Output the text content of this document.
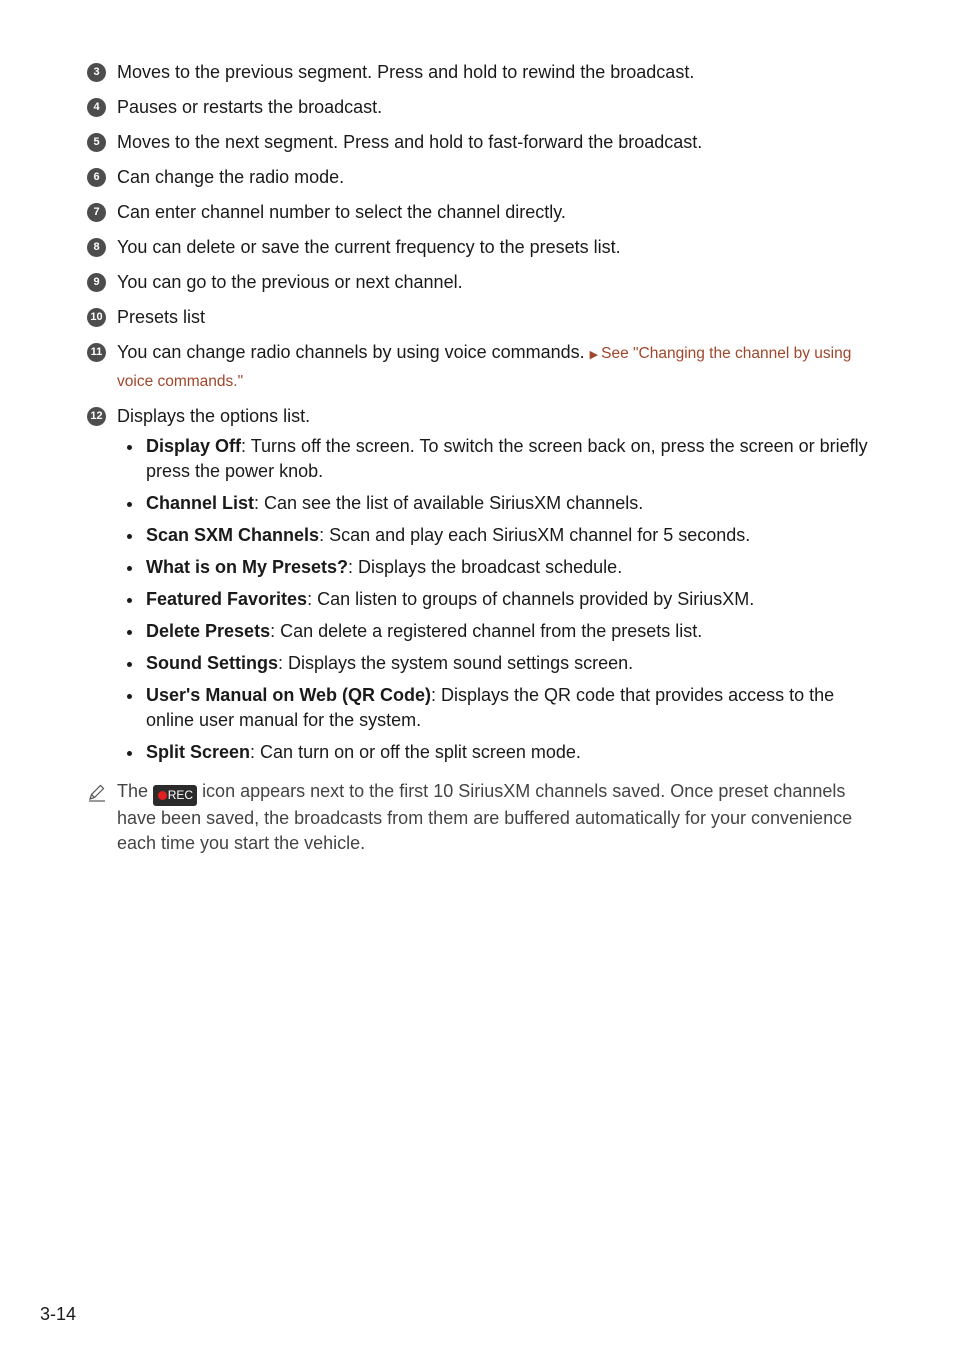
3 Moves to the previous segment. Press and hold to rewind the broadcast.
4 Pauses or restarts the broadcast.
5 Moves to the next segment. Press and hold to fast-forward the broadcast.
6 Can change the radio mode.
7 Can enter channel number to select the channel directly.
8 You can delete or save the current frequency to the presets list.
9 You can go to the previous or next channel.
10 Presets list
11 You can change radio channels by using voice commands. ▶ See "Changing the channel by using voice commands."
12 Displays the options list.
Display Off: Turns off the screen. To switch the screen back on, press the screen or briefly press the power knob.
Channel List: Can see the list of available SiriusXM channels.
Scan SXM Channels: Scan and play each SiriusXM channel for 5 seconds.
What is on My Presets?: Displays the broadcast schedule.
Featured Favorites: Can listen to groups of channels provided by SiriusXM.
Delete Presets: Can delete a registered channel from the presets list.
Sound Settings: Displays the system sound settings screen.
User's Manual on Web (QR Code): Displays the QR code that provides access to the online user manual for the system.
Split Screen: Can turn on or off the split screen mode.
The REC icon appears next to the first 10 SiriusXM channels saved. Once preset channels have been saved, the broadcasts from them are buffered automatically for your convenience each time you start the vehicle.
3-14
